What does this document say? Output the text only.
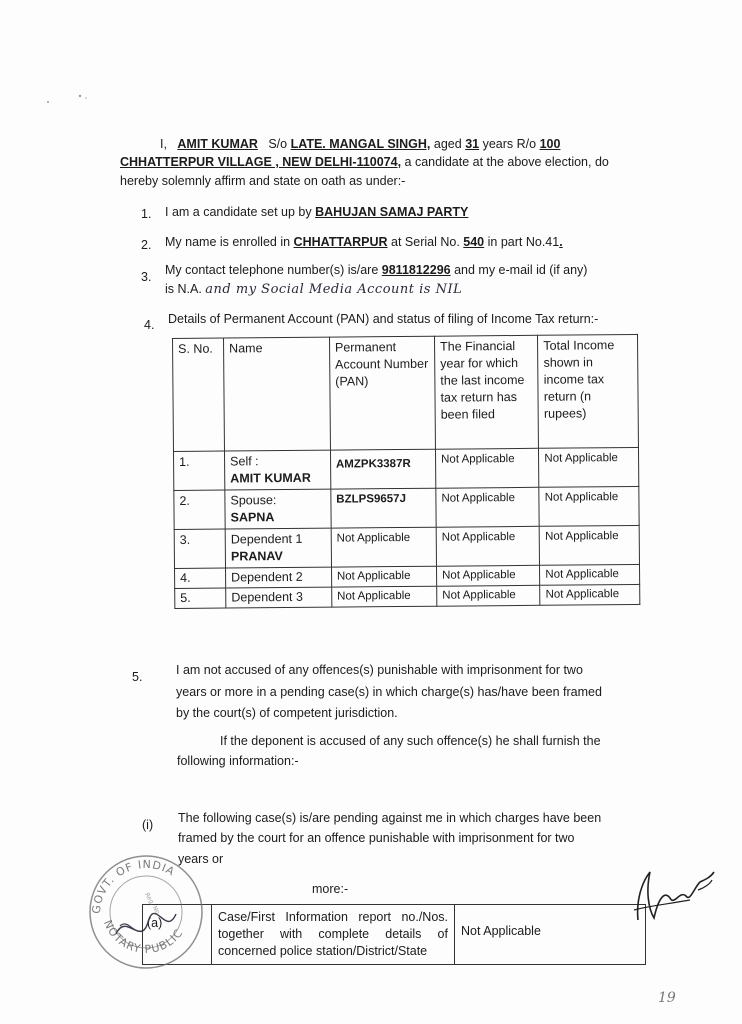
I, AMIT KUMAR S/o LATE. MANGAL SINGH, aged 31 years R/o 100
CHHATTERPUR VILLAGE , NEW DELHI-110074, a candidate at the above election, do
hereby solemnly affirm and state on oath as under:-
1. I am a candidate set up by BAHUJAN SAMAJ PARTY
2. My name is enrolled in CHHATTARPUR at Serial No. 540 in part No.41.
3. My contact telephone number(s) is/are 9811812296 and my e-mail id (if any)
is N.A. and my Social Media Account is NIL
4. Details of Permanent Account (PAN) and status of filing of Income Tax return:-
S. No.	Name	Permanent Account Number (PAN)	The Financial year for which the last income tax return has been filed	Total Income shown in income tax return (n rupees)
1.	Self :
AMIT KUMAR	AMZPK3387R	Not Applicable	Not Applicable
2.	Spouse:
SAPNA	BZLPS9657J	Not Applicable	Not Applicable
3.	Dependent 1
PRANAV	Not Applicable	Not Applicable	Not Applicable
4.	Dependent 2	Not Applicable	Not Applicable	Not Applicable
5.	Dependent 3	Not Applicable	Not Applicable	Not Applicable
5.	I am not accused of any offences(s) punishable with imprisonment for two
years or more in a pending case(s) in which charge(s) has/have been framed
by the court(s) of competent jurisdiction.
If the deponent is accused of any such offence(s) he shall furnish the
following information:-
(i) The following case(s) is/are pending against me in which charges have been
framed by the court for an offence punishable with imprisonment for two
years or
more:-
(a)	Case/First Information report no./Nos. together with complete details of concerned police station/District/State	Not Applicable
GOVT. OF INDIA
NOTARY PUBLIC
Reg. No.
19
